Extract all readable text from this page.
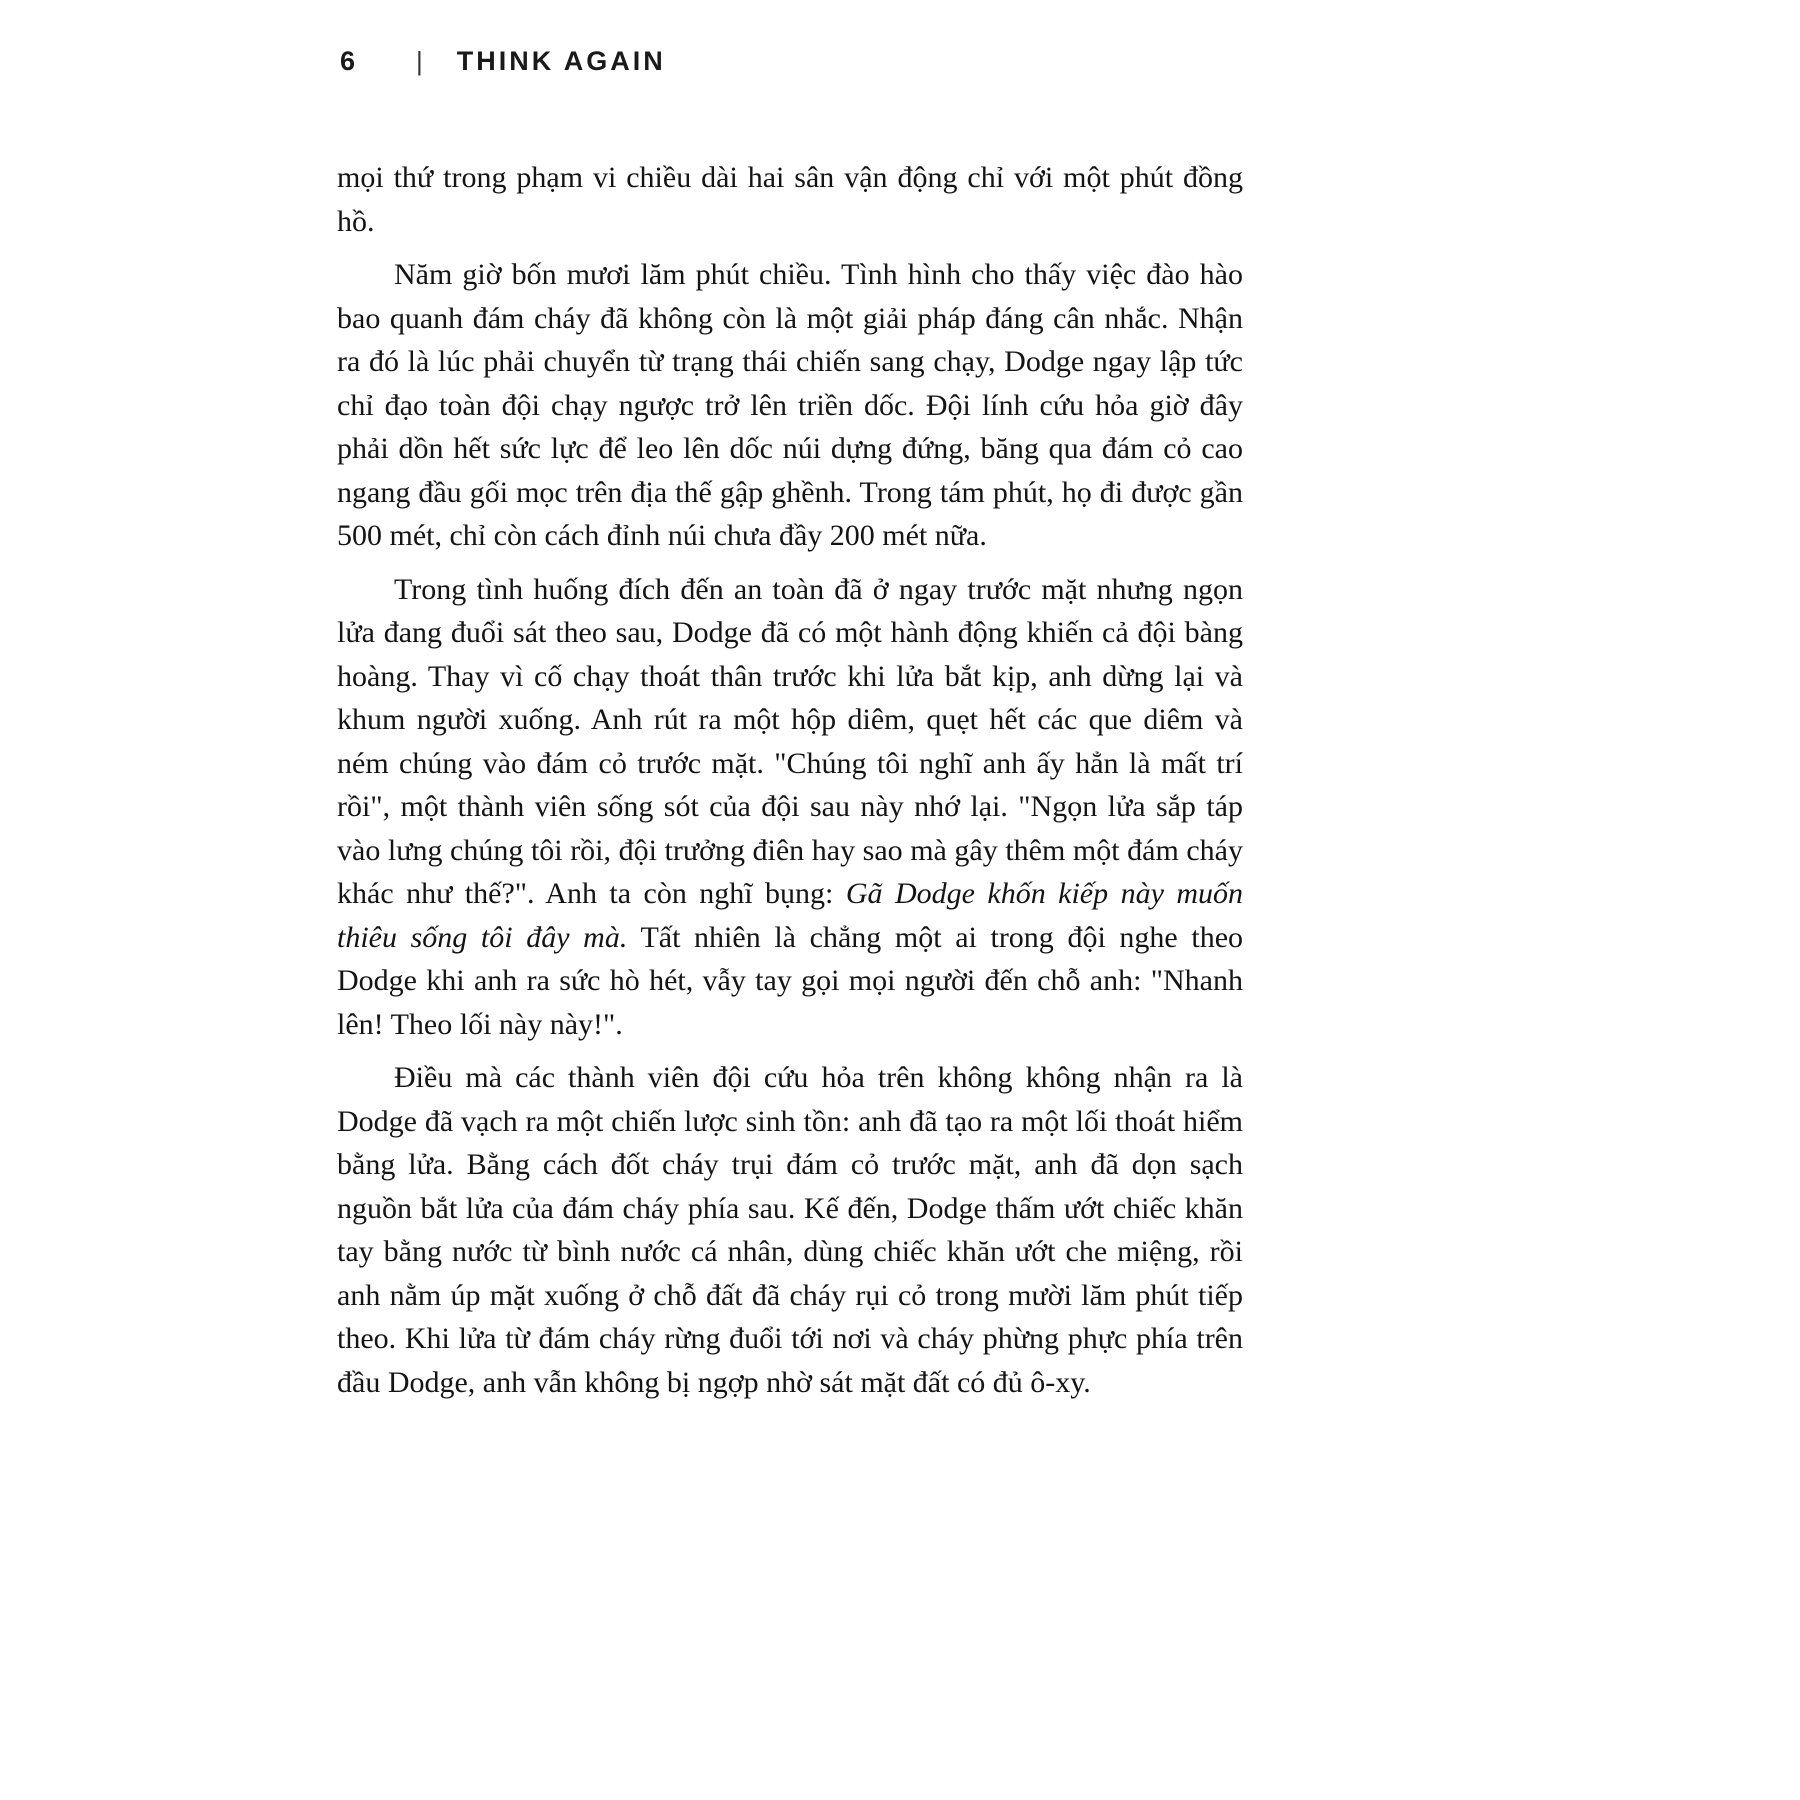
6 | THINK AGAIN

mọi thứ trong phạm vi chiều dài hai sân vận động chỉ với một phút đồng hồ.

Năm giờ bốn mươi lăm phút chiều. Tình hình cho thấy việc đào hào bao quanh đám cháy đã không còn là một giải pháp đáng cân nhắc. Nhận ra đó là lúc phải chuyển từ trạng thái chiến sang chạy, Dodge ngay lập tức chỉ đạo toàn đội chạy ngược trở lên triền dốc. Đội lính cứu hỏa giờ đây phải dồn hết sức lực để leo lên dốc núi dựng đứng, băng qua đám cỏ cao ngang đầu gối mọc trên địa thế gập ghềnh. Trong tám phút, họ đi được gần 500 mét, chỉ còn cách đỉnh núi chưa đầy 200 mét nữa.

Trong tình huống đích đến an toàn đã ở ngay trước mặt nhưng ngọn lửa đang đuổi sát theo sau, Dodge đã có một hành động khiến cả đội bàng hoàng. Thay vì cố chạy thoát thân trước khi lửa bắt kịp, anh dừng lại và khum người xuống. Anh rút ra một hộp diêm, quẹt hết các que diêm và ném chúng vào đám cỏ trước mặt. "Chúng tôi nghĩ anh ấy hẳn là mất trí rồi", một thành viên sống sót của đội sau này nhớ lại. "Ngọn lửa sắp táp vào lưng chúng tôi rồi, đội trưởng điên hay sao mà gây thêm một đám cháy khác như thế?". Anh ta còn nghĩ bụng: Gã Dodge khốn kiếp này muốn thiêu sống tôi đây mà. Tất nhiên là chẳng một ai trong đội nghe theo Dodge khi anh ra sức hò hét, vẫy tay gọi mọi người đến chỗ anh: "Nhanh lên! Theo lối này này!".

Điều mà các thành viên đội cứu hỏa trên không không nhận ra là Dodge đã vạch ra một chiến lược sinh tồn: anh đã tạo ra một lối thoát hiểm bằng lửa. Bằng cách đốt cháy trụi đám cỏ trước mặt, anh đã dọn sạch nguồn bắt lửa của đám cháy phía sau. Kế đến, Dodge thấm ướt chiếc khăn tay bằng nước từ bình nước cá nhân, dùng chiếc khăn ướt che miệng, rồi anh nằm úp mặt xuống ở chỗ đất đã cháy rụi cỏ trong mười lăm phút tiếp theo. Khi lửa từ đám cháy rừng đuổi tới nơi và cháy phừng phực phía trên đầu Dodge, anh vẫn không bị ngợp nhờ sát mặt đất có đủ ô-xy.
